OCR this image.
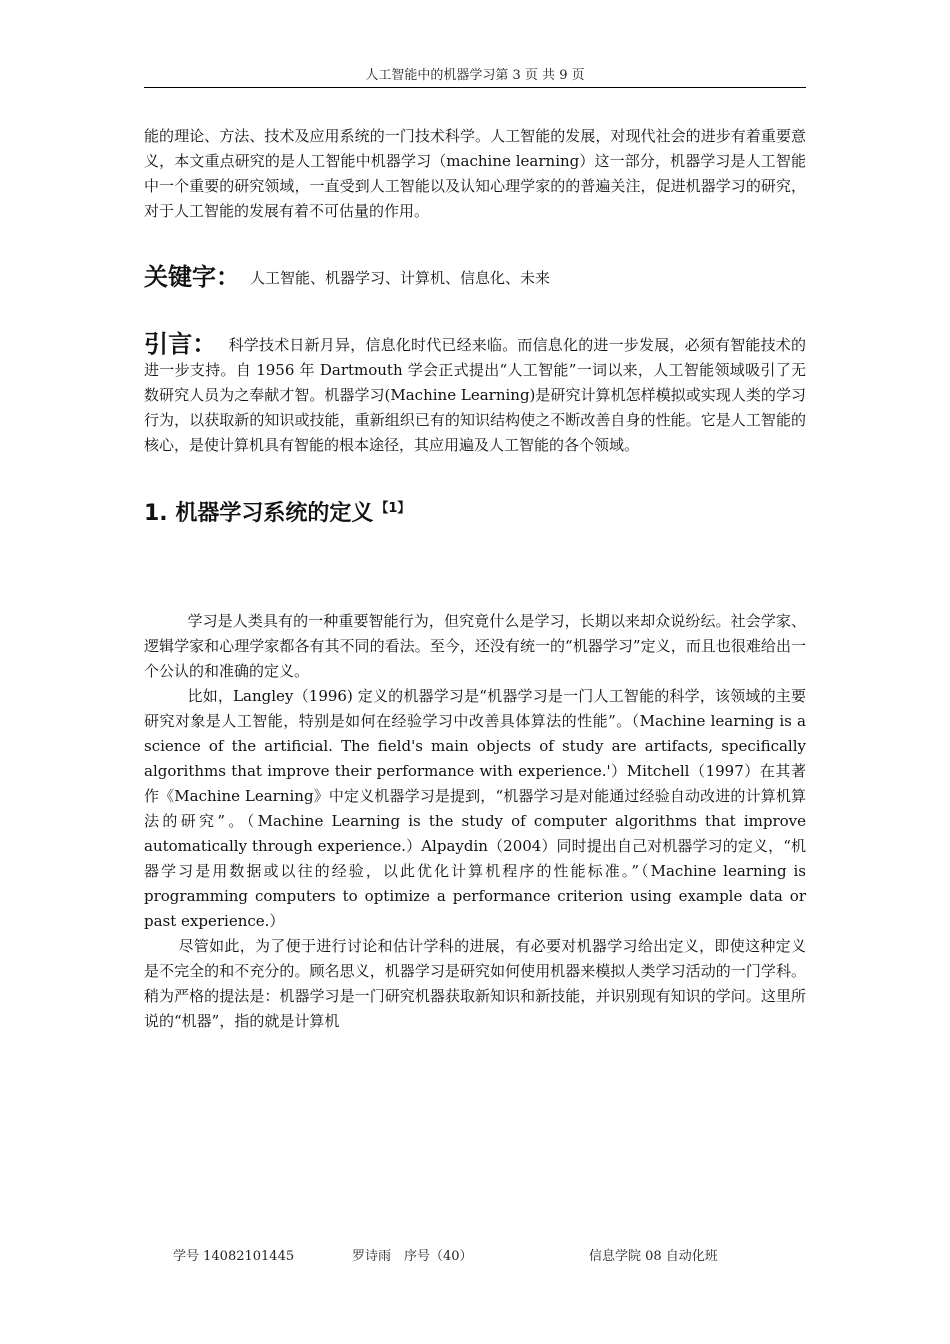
人工智能中的机器学习第 3 页 共 9 页

能的理论、方法、技术及应用系统的一门技术科学。人工智能的发展，对现代社会的进步有着重要意义，本文重点研究的是人工智能中机器学习（machine learning）这一部分，机器学习是人工智能中一个重要的研究领域，一直受到人工智能以及认知心理学家的的普遍关注，促进机器学习的研究，对于人工智能的发展有着不可估量的作用。

关键字： 人工智能、机器学习、计算机、信息化、未来

引言： 科学技术日新月异，信息化时代已经来临。而信息化的进一步发展，必须有智能技术的进一步支持。自 1956 年 Dartmouth 学会正式提出“人工智能”一词以来，人工智能领域吸引了无数研究人员为之奉献才智。机器学习(Machine Learning)是研究计算机怎样模拟或实现人类的学习行为，以获取新的知识或技能，重新组织已有的知识结构使之不断改善自身的性能。它是人工智能的核心，是使计算机具有智能的根本途径，其应用遍及人工智能的各个领域。

1. 机器学习系统的定义 $^{【1】}$

学习是人类具有的一种重要智能行为，但究竟什么是学习，长期以来却众说纷纭。社会学家、逻辑学家和心理学家都各有其不同的看法。至今，还没有统一的“机器学习”定义，而且也很难给出一个公认的和准确的定义。

比如，Langley（1996) 定义的机器学习是“机器学习是一门人工智能的科学，该领域的主要研究对象是人工智能，特别是如何在经验学习中改善具体算法的性能”。（Machine learning is a science of the artificial. The field's main objects of study are artifacts, specifically algorithms that improve their performance with experience.'）Mitchell（1997）在其著作《Machine Learning》中定义机器学习是提到，“机器学习是对能通过经验自动改进的计算机算法的研究”。（Machine Learning is the study of computer algorithms that improve automatically through experience.）Alpaydin（2004）同时提出自己对机器学习的定义，“机器学习是用数据或以往的经验，以此优化计算机程序的性能标准。”（Machine learning is programming computers to optimize a performance criterion using example data or past experience.）

尽管如此，为了便于进行讨论和估计学科的进展，有必要对机器学习给出定义，即使这种定义是不完全的和不充分的。顾名思义，机器学习是研究如何使用机器来模拟人类学习活动的一门学科。稍为严格的提法是：机器学习是一门研究机器获取新知识和新技能，并识别现有知识的学问。这里所说的“机器”，指的就是计算机

学号 14082101445	罗诗雨　序号（40）	信息学院 08 自动化班
